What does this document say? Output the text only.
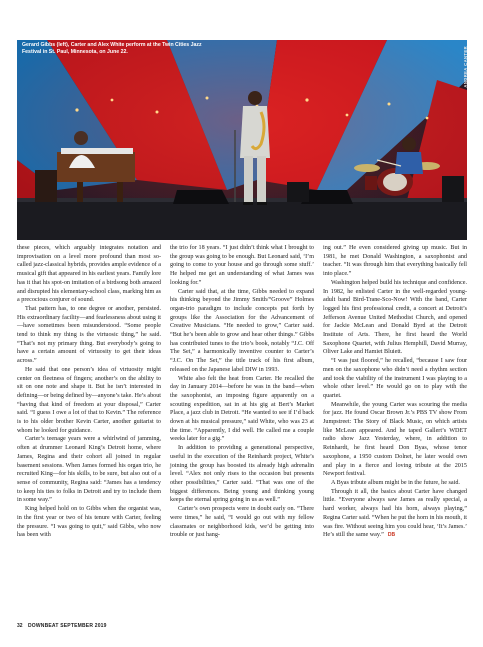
Gerard Gibbs (left), Carter and Alex White perform at the Twin Cities Jazz Festival in St. Paul, Minnesota, on June 22.	ANDREA CANTER

these pieces, which arguably integrates notation and improvisation on a level more profound than most so-called jazz-classical hybrids, provides ample evidence of a musical gift that appeared in his earliest years. Family lore has it that his spot-on imitation of a birdsong both amazed and disrupted his elementary-school class, marking him as a precocious conjurer of sound.

That pattern has, to one degree or another, persisted. His extraordinary facility—and fearlessness about using it—have sometimes been misunderstood. “Some people tend to think my thing is the virtuosic thing,” he said. “That’s not my primary thing. But everybody’s going to have a certain amount of virtuosity to get their ideas across.”

He said that one person’s idea of virtuosity might center on fleetness of fingers; another’s on the ability to sit on one note and shape it. But he isn’t interested in defining—or being defined by—anyone’s take. He’s about “having that kind of freedom at your disposal,” Carter said. “I guess I owe a lot of that to Kevin.” The reference is to his older brother Kevin Carter, another guitarist to whom he looked for guidance.

Carter’s teenage years were a whirlwind of jamming, often at drummer Leonard King’s Detroit home, where James, Regina and their cohort all joined in regular basement sessions. When James formed his organ trio, he recruited King—for his skills, to be sure, but also out of a sense of community, Regina said: “James has a tendency to keep his ties to folks in Detroit and try to include them in some way.”

King helped hold on to Gibbs when the organist was, in the first year or two of his tenure with Carter, feeling the pressure. “I was going to quit,” said Gibbs, who now has been with

the trio for 18 years. “I just didn’t think what I brought to the group was going to be enough. But Leonard said, ‘I’m going to come to your house and go through some stuff.’ He helped me get an understanding of what James was looking for.”

Carter said that, at the time, Gibbs needed to expand his thinking beyond the Jimmy Smith/“Groove” Holmes organ-trio paradigm to include concepts put forth by groups like the Association for the Advancement of Creative Musicians. “He needed to grow,” Carter said. “But he’s been able to grow and hear other things.” Gibbs has contributed tunes to the trio’s book, notably “J.C. Off The Set,” a harmonically inventive counter to Carter’s “J.C. On The Set,” the title track of his first album, released on the Japanese label DIW in 1993.

White also felt the heat from Carter. He recalled the day in January 2014—before he was in the band—when the saxophonist, an imposing figure apparently on a scouting expedition, sat in at his gig at Bert’s Market Place, a jazz club in Detroit. “He wanted to see if I’d back down at his musical pressure,” said White, who was 23 at the time. “Apparently, I did well. He called me a couple weeks later for a gig.”

In addition to providing a generational perspective, useful in the execution of the Reinhardt project, White’s joining the group has boosted its already high adrenalin level. “Alex not only rises to the occasion but presents other possibilities,” Carter said. “That was one of the biggest differences. Being young and thinking young keeps the eternal spring going in us as well.”

Carter’s own prospects were in doubt early on. “There were times,” he said, “I would go out with my fellow classmates or neighborhood kids, we’d be getting into trouble or just hang-

ing out.” He even considered giving up music. But in 1981, he met Donald Washington, a saxophonist and teacher. “It was through him that everything basically fell into place.”

Washington helped build his technique and confidence. In 1982, he enlisted Carter in the well-regarded young-adult band Bird-Trane-Sco-Now! With the band, Carter logged his first professional credit, a concert at Detroit’s Jefferson Avenue United Methodist Church, and opened for Jackie McLean and Donald Byrd at the Detroit Institute of Arts. There, he first heard the World Saxophone Quartet, with Julius Hemphill, David Murray, Oliver Lake and Hamiet Bluiett.

“I was just floored,” he recalled, “because I saw four men on the saxophone who didn’t need a rhythm section and took the viability of the instrument I was playing to a whole other level.” He would go on to play with the quartet.

Meanwhile, the young Carter was scouring the media for jazz. He found Oscar Brown Jr.’s PBS TV show From Jumpstreet: The Story of Black Music, on which artists like McLean appeared. And he taped Gallert’s WDET radio show Jazz Yesterday, where, in addition to Reinhardt, he first heard Don Byas, whose tenor saxophone, a 1950 custom Dolnet, he later would own and play in a fierce and loving tribute at the 2015 Newport festival.

A Byas tribute album might be in the future, he said.

Through it all, the basics about Carter have changed little. “Everyone always saw James as really special, a hard worker, always had his horn, always playing,” Regina Carter said. “When he put the horn in his mouth, it was fire. Without seeing him you could hear, ‘It’s James.’ He’s still the same way.” DB

32 DOWNBEAT SEPTEMBER 2019
